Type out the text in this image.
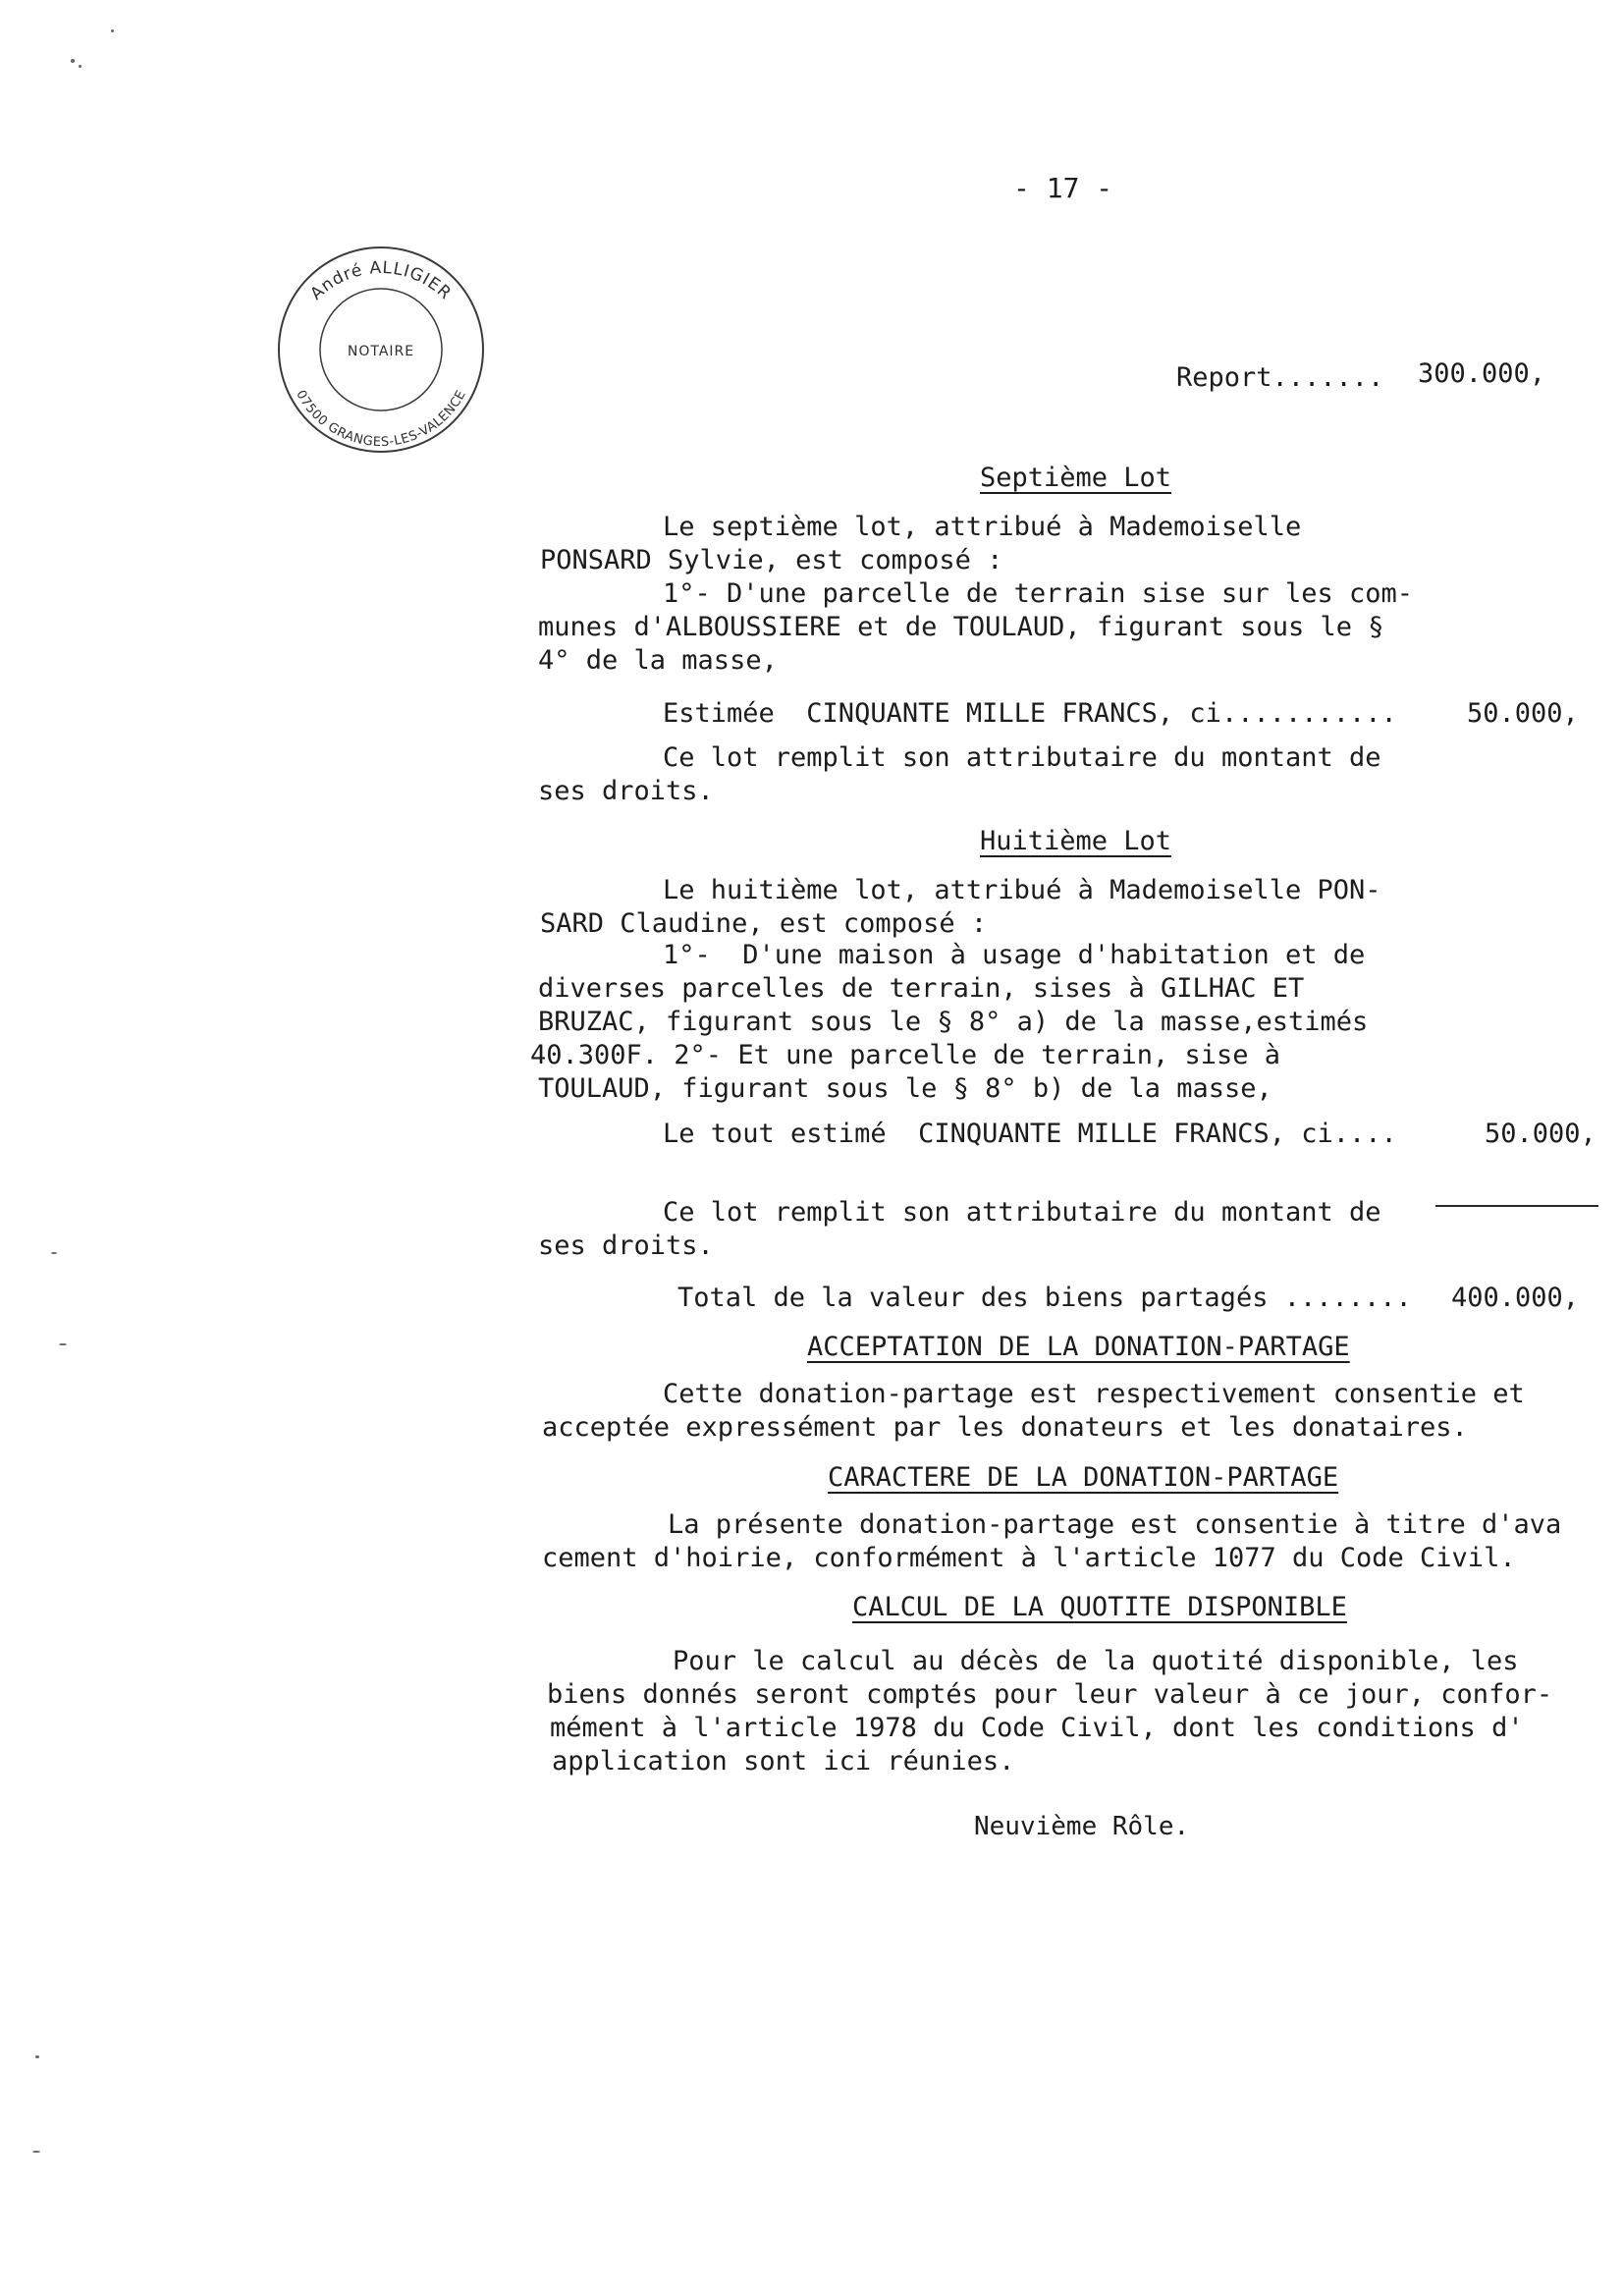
- 17 -
André ALLIGIER
NOTAIRE
07500 GRANGES-LES-VALENCE
Report....... 300.000,
Septième Lot
Le septième lot, attribué à Mademoiselle
PONSARD Sylvie, est composé :
1°- D'une parcelle de terrain sise sur les com-
munes d'ALBOUSSIERE et de TOULAUD, figurant sous le §
4° de la masse,
Estimée  CINQUANTE MILLE FRANCS, ci...........	50.000,
Ce lot remplit son attributaire du montant de
ses droits.
Huitième Lot
Le huitième lot, attribué à Mademoiselle PON-
SARD Claudine, est composé :
1°-  D'une maison à usage d'habitation et de
diverses parcelles de terrain, sises à GILHAC ET
BRUZAC, figurant sous le § 8° a) de la masse,estimés
40.300F. 2°- Et une parcelle de terrain, sise à
TOULAUD, figurant sous le § 8° b) de la masse,
Le tout estimé  CINQUANTE MILLE FRANCS, ci....	50.000,
Ce lot remplit son attributaire du montant de
ses droits.
Total de la valeur des biens partagés ........ 400.000,
ACCEPTATION DE LA DONATION-PARTAGE
Cette donation-partage est respectivement consentie et
acceptée expressément par les donateurs et les donataires.
CARACTERE DE LA DONATION-PARTAGE
La présente donation-partage est consentie à titre d'ava
cement d'hoirie, conformément à l'article 1077 du Code Civil.
CALCUL DE LA QUOTITE DISPONIBLE
Pour le calcul au décès de la quotité disponible, les
biens donnés seront comptés pour leur valeur à ce jour, confor-
mément à l'article 1978 du Code Civil, dont les conditions d'
application sont ici réunies.
Neuvième Rôle.
